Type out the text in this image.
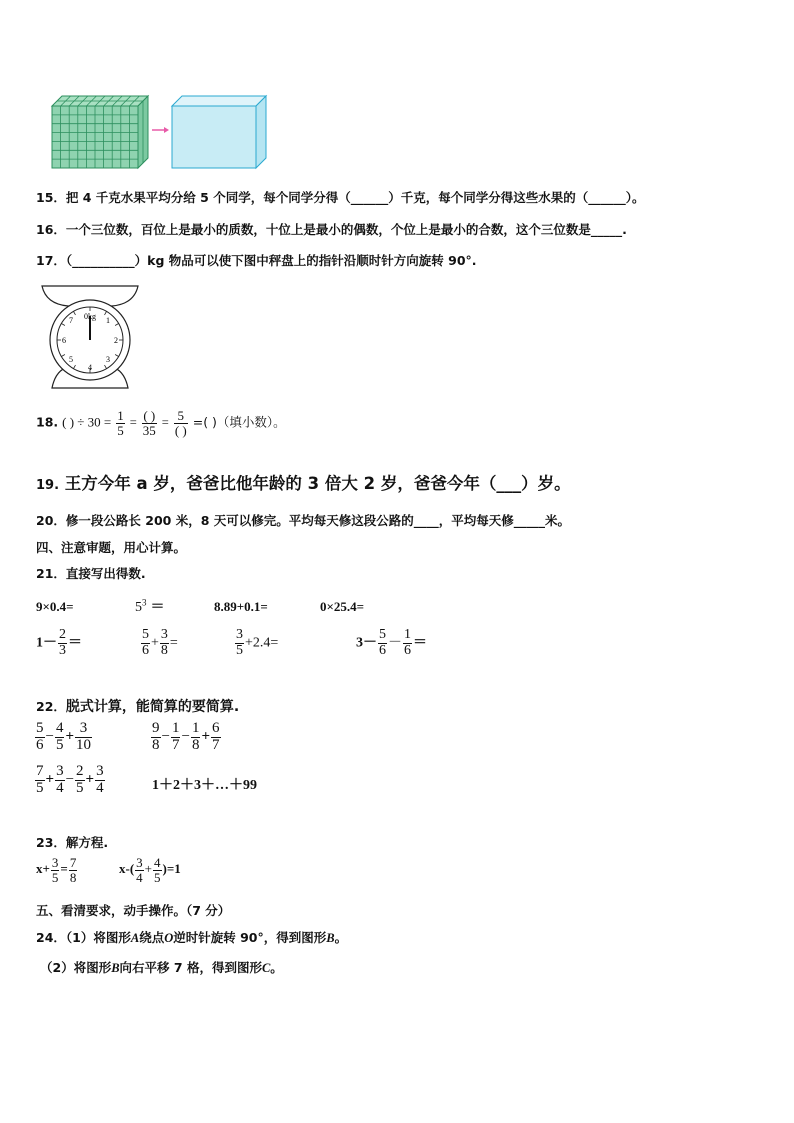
15．把 4 千克水果平均分给 5 个同学，每个同学分得（______）千克，每个同学分得这些水果的（______）。
16．一个三位数，百位上是最小的质数，十位上是最小的偶数，个位上是最小的合数，这个三位数是_____.
17．（__________）kg 物品可以使下图中秤盘上的指针沿顺时针方向旋转 90°.
0kg 1
2
3
4
5
6
7
18. ( ) ÷ $30 = \frac{1}{5} = \frac{( )}{35} = \frac{5}{( )}$ =( )（填小数）。
19. 王方今年 a 岁，爸爸比他年龄的 3 倍大 2 岁，爸爸今年（___）岁。
20．修一段公路长 200 米，8 天可以修完。平均每天修这段公路的____，平均每天修_____米。
四、注意审题，用心计算。
21．直接写出得数.
9×0.4=	$5^3$ ＝	8.89+0.1=	0×25.4=
$1- \frac{2}{3}$ ＝	$\frac{5}{6} + \frac{3}{8}$ =	$\frac{3}{5} +2.4=$	$3- \frac{5}{6} - \frac{1}{6}$ ＝
22．脱式计算，能简算的要简算.
$\frac{5}{6} - \frac{4}{5} + \frac{3}{10}$	$\frac{9}{8} - \frac{1}{7} - \frac{1}{8} + \frac{6}{7}$
$\frac{7}{5} + \frac{3}{4} - \frac{2}{5} + \frac{3}{4}$	1＋2＋3＋…＋99
23．解方程.
$x+ \frac{3}{5} = \frac{7}{8}$	$x-( \frac{3}{4} + \frac{4}{5} )=1$
五、看清要求，动手操作。（7 分）
24．（1）将图形A绕点O逆时针旋转 90°，得到图形B。
（2）将图形B向右平移 7 格，得到图形C。
